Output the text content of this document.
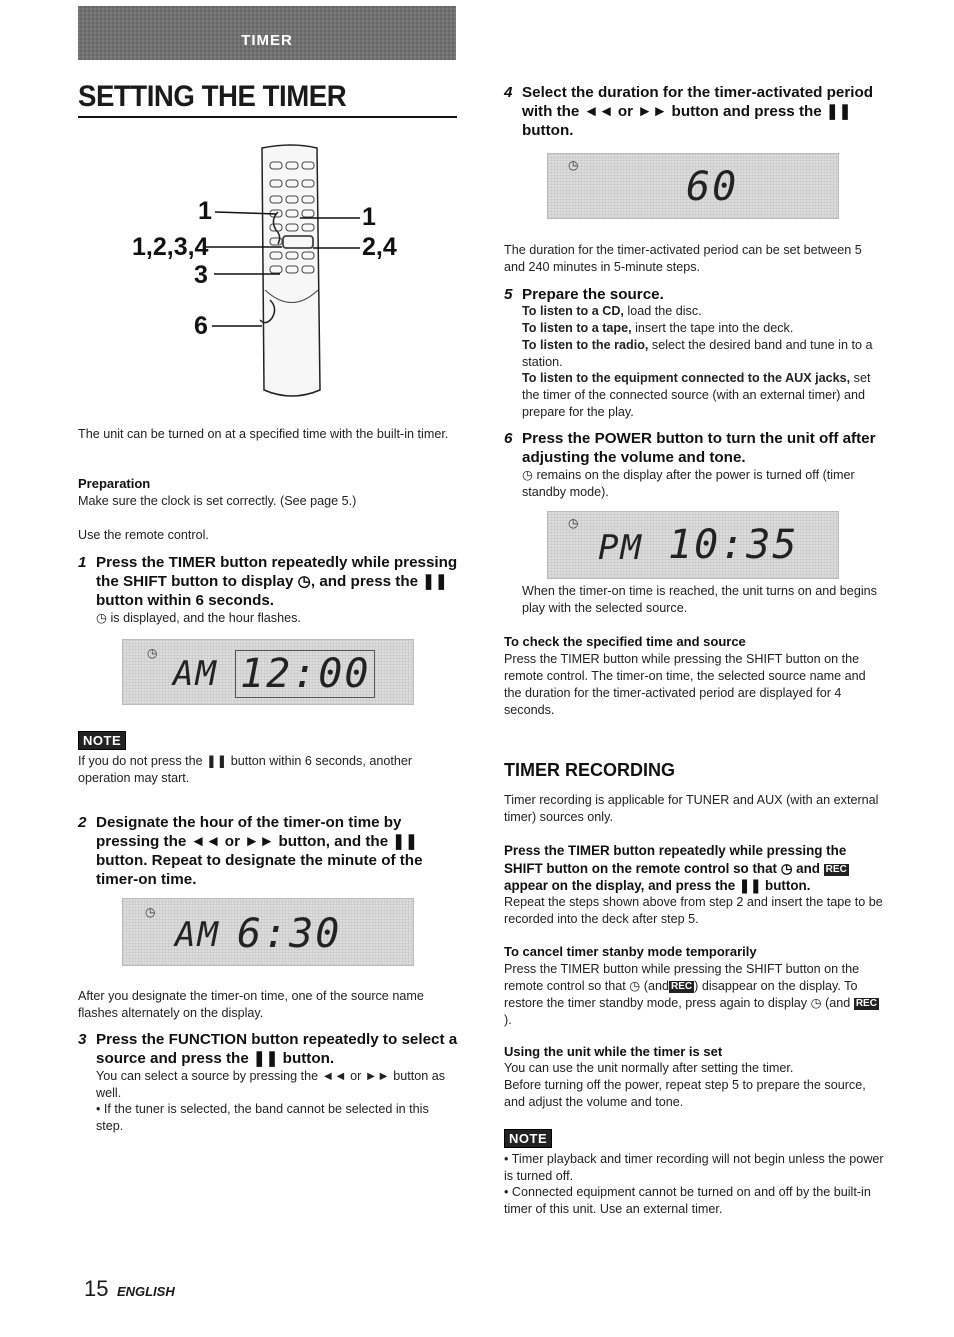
TIMER
SETTING THE TIMER
1
1,2,3,4
3
6
1
2,4
The unit can be turned on at a specified time with the built-in timer.
Preparation
Make sure the clock is set correctly. (See page 5.)
Use the remote control.
1 Press the TIMER button repeatedly while pressing the SHIFT button to display ◷, and press the ❚❚ button within 6 seconds.
◷ is displayed, and the hour flashes.
◷
AM 12:00
NOTE
If you do not press the ❚❚ button within 6 seconds, another operation may start.
2 Designate the hour of the timer-on time by pressing the ◄◄ or ►► button, and the ❚❚ button. Repeat to designate the minute of the timer-on time.
◷
AM 6:30
After you designate the timer-on time, one of the source name flashes alternately on the display.
3 Press the FUNCTION button repeatedly to select a source and press the ❚❚ button.
You can select a source by pressing the ◄◄ or ►► button as well.
• If the tuner is selected, the band cannot be selected in this step.
4 Select the duration for the timer-activated period with the ◄◄ or ►► button and press the ❚❚ button.
◷	60
The duration for the timer-activated period can be set between 5 and 240 minutes in 5-minute steps.
5 Prepare the source.
To listen to a CD, load the disc.
To listen to a tape, insert the tape into the deck.
To listen to the radio, select the desired band and tune in to a station.
To listen to the equipment connected to the AUX jacks, set the timer of the connected source (with an external timer) and prepare for the play.
6 Press the POWER button to turn the unit off after adjusting the volume and tone.
◷ remains on the display after the power is turned off (timer standby mode).
◷
PM 10:35
When the timer-on time is reached, the unit turns on and begins play with the selected source.
To check the specified time and source
Press the TIMER button while pressing the SHIFT button on the remote control. The timer-on time, the selected source name and the duration for the timer-activated period are displayed for 4 seconds.
TIMER RECORDING
Timer recording is applicable for TUNER and AUX (with an external timer) sources only.
Press the TIMER button repeatedly while pressing the SHIFT button on the remote control so that ◷ and REC appear on the display, and press the ❚❚ button.
Repeat the steps shown above from step 2 and insert the tape to be recorded into the deck after step 5.
To cancel timer stanby mode temporarily
Press the TIMER button while pressing the SHIFT button on the remote control so that ◷ (and REC ) disappear on the display. To restore the timer standby mode, press again to display ◷ (and REC).
Using the unit while the timer is set
You can use the unit normally after setting the timer.
Before turning off the power, repeat step 5 to prepare the source, and adjust the volume and tone.
NOTE
• Timer playback and timer recording will not begin unless the power is turned off.
• Connected equipment cannot be turned on and off by the built-in timer of this unit. Use an external timer.
15 ENGLISH
